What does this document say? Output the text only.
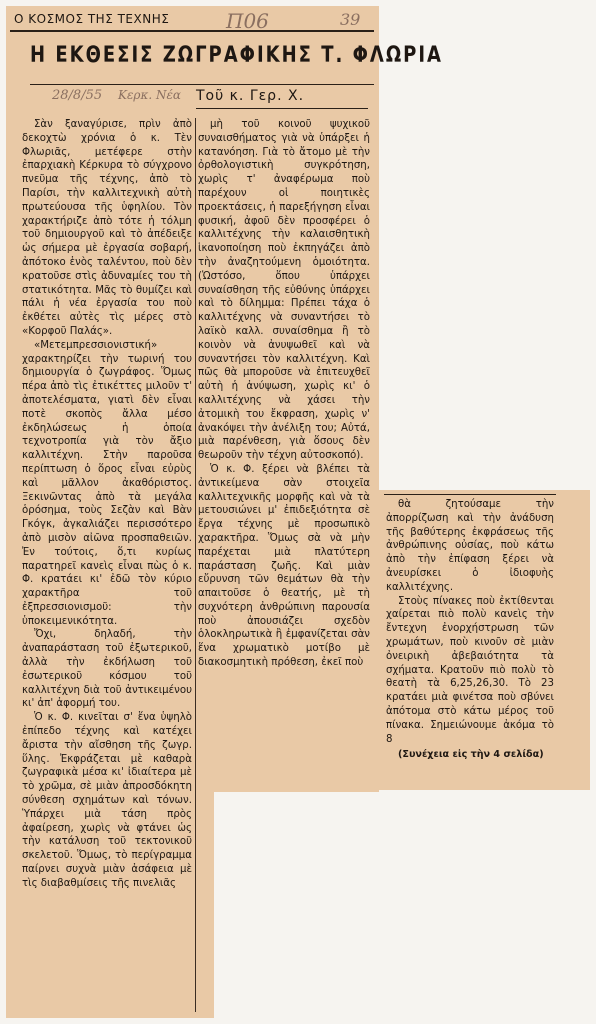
Ο ΚΟΣΜΟΣ ΤΗΣ ΤΕΧΝΗΣ	Π06	39
Η ΕΚΘΕΣΙΣ ΖΩΓΡΑΦΙΚΗΣ Τ. ΦΛΩΡΙΑ
28/8/55 Κερκ. Νέα Τοῦ κ. Γερ. Χ.

Σὰν ξαναγύρισε, πρὶν ἀπὸ δεκοχτὼ χρόνια ὁ κ. Τὲν Φλωριᾶς, μετέφερε στὴν ἐπαρχιακὴ Κέρκυρα τὸ σύγχρονο πνεῦμα τῆς τέχνης, ἀπὸ τὸ Παρίσι, τὴν καλλιτεχνικὴ αὐτὴ πρωτεύουσα τῆς ὑφηλίου. Τὸν χαρακτήριζε ἀπὸ τότε ἡ τόλμη τοῦ δημιουργοῦ καὶ τὸ ἀπέδειξε ὡς σήμερα μὲ ἐργασία σοβαρή, ἀπότοκο ἑνὸς ταλέντου, ποὺ δὲν κρατοῦσε στὶς ἀδυναμίες του τὴ στατικότητα. Μᾶς τὸ θυμίζει καὶ πάλι ἡ νέα ἐργασία του ποὺ ἐκθέτει αὐτὲς τὶς μέρες στὸ «Κορφοῦ Παλάς».

«Μετεμπρεσσιονιστική» χαρακτηρίζει τὴν τωρινή του δημιουργία ὁ ζωγράφος. Ὅμως πέρα ἀπὸ τὶς ἐτικέττες μιλοῦν τ' ἀποτελέσματα, γιατὶ δὲν εἶναι ποτὲ σκοπὸς ἄλλα μέσο ἐκδηλώσεως ἡ ὁποία τεχνοτροπία γιὰ τὸν ἄξιο καλλιτέχνη. Στὴν παροῦσα περίπτωση ὁ ὅρος εἶναι εὐρὺς καὶ μᾶλλον ἀκαθόριστος. Ξεκινῶντας ἀπὸ τὰ μεγάλα ὁρόσημα, τοὺς Σεζὰν καὶ Βὰν Γκόγκ, ἀγκαλιάζει περισσότερο ἀπὸ μισὸν αἰῶνα προσπαθειῶν. Ἐν τούτοις, ὅ,τι κυρίως παρατηρεῖ κανεὶς εἶναι πὼς ὁ κ. Φ. κρατάει κι' ἐδῶ τὸν κύριο χαρακτῆρα τοῦ ἐξπρεσσιονισμοῦ: τὴν ὑποκειμενικότητα.

Ὄχι, δηλαδή, τὴν ἀναπαράσταση τοῦ ἐξωτερικοῦ, ἀλλὰ τὴν ἐκδήλωση τοῦ ἐσωτερικοῦ κόσμου τοῦ καλλιτέχνη διὰ τοῦ ἀντικειμένου κι' ἀπ' ἀφορμή του.

Ὁ κ. Φ. κινεῖται σ' ἕνα ὑψηλὸ ἐπίπεδο τέχνης καὶ κατέχει ἄριστα τὴν αἴσθηση τῆς ζωγρ. ὕλης. Ἐκφράζεται μὲ καθαρὰ ζωγραφικὰ μέσα κι' ἰδιαίτερα μὲ τὸ χρῶμα, σὲ μιὰν ἀπροσδόκητη σύνθεση σχημάτων καὶ τόνων. Ὑπάρχει μιὰ τάση πρὸς ἀφαίρεση, χωρὶς νὰ φτάνει ὡς τὴν κατάλυση τοῦ τεκτονικοῦ σκελετοῦ. Ὅμως, τὸ περίγραμμα παίρνει συχνὰ μιὰν ἀσάφεια μὲ τὶς διαβαθμίσεις τῆς πινελιᾶς

μὴ τοῦ κοινοῦ ψυχικοῦ συναισθήματος γιὰ νὰ ὑπάρξει ἡ κατανόηση. Γιὰ τὸ ἄτομο μὲ τὴν ὀρθολογιστικὴ συγκρότηση, χωρὶς τ' ἀναφέρωμα ποὺ παρέχουν οἱ ποιητικὲς προεκτάσεις, ἡ παρεξήγηση εἶναι φυσική, ἀφοῦ δὲν προσφέρει ὁ καλλιτέχνης τὴν καλαισθητικὴ ἱκανοποίηση ποὺ ἐκπηγάζει ἀπὸ τὴν ἀναζητούμενη ὁμοιότητα. (Ὡστόσο, ὅπου ὑπάρχει συναίσθηση τῆς εὐθύνης ὑπάρχει καὶ τὸ δίλημμα: Πρέπει τάχα ὁ καλλιτέχνης νὰ συναντήσει τὸ λαϊκὸ καλλ. συναίσθημα ἢ τὸ κοινὸν νὰ ἀνυψωθεῖ καὶ νὰ συναντήσει τὸν καλλιτέχνη. Καὶ πῶς θὰ μποροῦσε νὰ ἐπιτευχθεῖ αὐτὴ ἡ ἀνύψωση, χωρὶς κι' ὁ καλλιτέχνης νὰ χάσει τὴν ἀτομικὴ του ἔκφραση, χωρὶς ν' ἀνακόψει τὴν ἀνέλιξη του; Αὐτά, μιὰ παρένθεση, γιὰ ὅσους δὲν θεωροῦν τὴν τέχνη αὐτοσκοπό).

Ὁ κ. Φ. ξέρει νὰ βλέπει τὰ ἀντικείμενα σὰν στοιχεῖα καλλιτεχνικῆς μορφῆς καὶ νὰ τὰ μετουσιώνει μ' ἐπιδεξιότητα σὲ ἔργα τέχνης μὲ προσωπικὸ χαρακτῆρα. Ὅμως σὰ νὰ μὴν παρέχεται μιὰ πλατύτερη παράσταση ζωῆς. Καὶ μιὰν εὔρυνση τῶν θεμάτων θὰ τὴν απαιτοῦσε ὁ θεατής, μὲ τὴ συχνότερη ἀνθρώπινη παρουσία ποὺ ἀπουσιάζει σχεδὸν ὁλοκληρωτικὰ ἢ ἐμφανίζεται σὰν ἕνα χρωματικὸ μοτίβο μὲ διακοσμητικὴ πρόθεση, ἐκεῖ ποὺ

θὰ ζητούσαμε τὴν ἀπορρίζωση καὶ τὴν ἀνάδυση τῆς βαθύτερης ἐκφράσεως τῆς ἀνθρώπινης οὐσίας, ποὺ κάτω ἀπὸ τὴν ἐπίφαση ξέρει νὰ ἀνευρίσκει ὁ ἰδιοφυὴς καλλιτέχνης.

Στοὺς πίνακες ποὺ ἐκτίθενται χαίρεται πιὸ πολὺ κανεὶς τὴν ἔντεχνη ἐνορχήστρωση τῶν χρωμάτων, ποὺ κινοῦν σὲ μιὰν ὀνειρικὴ ἀβεβαιότητα τὰ σχήματα. Κρατοῦν πιὸ πολὺ τὸ θεατὴ τὰ 6,25,26,30. Τὸ 23 κρατάει μιὰ φινέτσα ποὺ σβύνει ἀπότομα στὸ κάτω μέρος τοῦ πίνακα. Σημειώνουμε ἀκόμα τὸ 8

(Συνέχεια εἰς τὴν 4 σελίδα)
